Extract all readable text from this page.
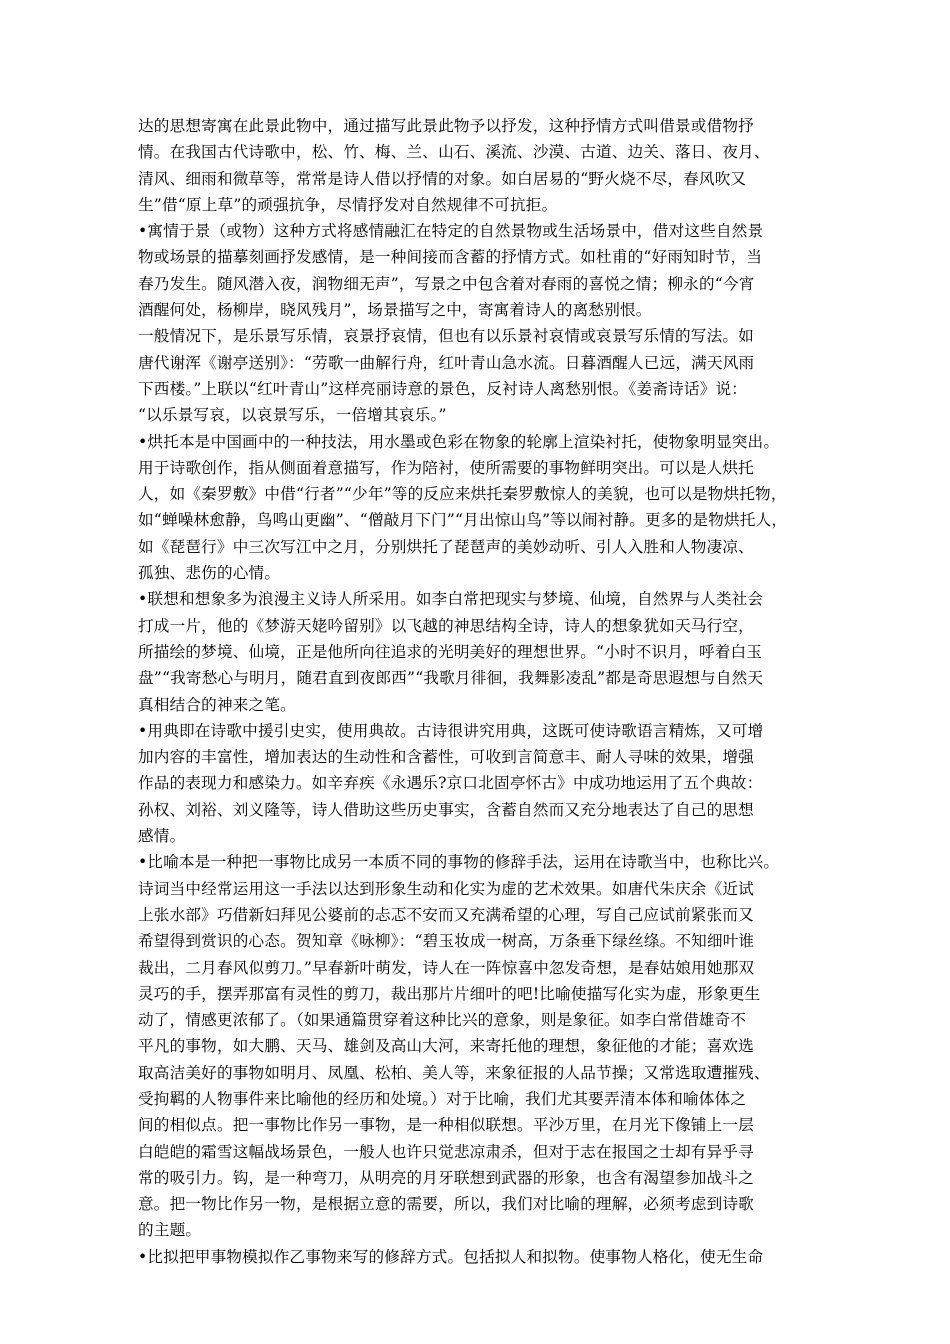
达的思想寄寓在此景此物中，通过描写此景此物予以抒发，这种抒情方式叫借景或借物抒
情。在我国古代诗歌中，松、竹、梅、兰、山石、溪流、沙漠、古道、边关、落日、夜月、
清风、细雨和微草等，常常是诗人借以抒情的对象。如白居易的“野火烧不尽，春风吹又
生”借“原上草”的顽强抗争，尽情抒发对自然规律不可抗拒。
•寓情于景（或物）这种方式将感情融汇在特定的自然景物或生活场景中，借对这些自然景
物或场景的描摹刻画抒发感情，是一种间接而含蓄的抒情方式。如杜甫的“好雨知时节，当
春乃发生。随风潜入夜，润物细无声”，写景之中包含着对春雨的喜悦之情；柳永的“今宵
酒醒何处，杨柳岸，晓风残月”，场景描写之中，寄寓着诗人的离愁别恨。
一般情况下，是乐景写乐情，哀景抒哀情，但也有以乐景衬哀情或哀景写乐情的写法。如
唐代谢浑《谢亭送别》：“劳歌一曲解行舟，红叶青山急水流。日暮酒醒人已远，满天风雨
下西楼。”上联以“红叶青山”这样亮丽诗意的景色，反衬诗人离愁别恨。《姜斋诗话》说：
“以乐景写哀，以哀景写乐，一倍增其哀乐。”
•烘托本是中国画中的一种技法，用水墨或色彩在物象的轮廓上渲染衬托，使物象明显突出。
用于诗歌创作，指从侧面着意描写，作为陪衬，使所需要的事物鲜明突出。可以是人烘托
人，如《秦罗敷》中借“行者”“少年”等的反应来烘托秦罗敷惊人的美貌，也可以是物烘托物，
如“蝉噪林愈静，鸟鸣山更幽”、“僧敲月下门”“月出惊山鸟”等以闹衬静。更多的是物烘托人，
如《琵琶行》中三次写江中之月，分别烘托了琵琶声的美妙动听、引人入胜和人物凄凉、
孤独、悲伤的心情。
•联想和想象多为浪漫主义诗人所采用。如李白常把现实与梦境、仙境，自然界与人类社会
打成一片，他的《梦游天姥吟留别》以飞越的神思结构全诗，诗人的想象犹如天马行空，
所描绘的梦境、仙境，正是他所向往追求的光明美好的理想世界。“小时不识月，呼着白玉
盘”“我寄愁心与明月，随君直到夜郎西”“我歌月徘徊，我舞影凌乱”都是奇思遐想与自然天
真相结合的神来之笔。
•用典即在诗歌中援引史实，使用典故。古诗很讲究用典，这既可使诗歌语言精炼，又可增
加内容的丰富性，增加表达的生动性和含蓄性，可收到言简意丰、耐人寻味的效果，增强
作品的表现力和感染力。如辛弃疾《永遇乐?京口北固亭怀古》中成功地运用了五个典故：
孙权、刘裕、刘义隆等，诗人借助这些历史事实，含蓄自然而又充分地表达了自己的思想
感情。
•比喻本是一种把一事物比成另一本质不同的事物的修辞手法，运用在诗歌当中，也称比兴。
诗词当中经常运用这一手法以达到形象生动和化实为虚的艺术效果。如唐代朱庆余《近试
上张水部》巧借新妇拜见公婆前的忐忑不安而又充满希望的心理，写自己应试前紧张而又
希望得到赏识的心态。贺知章《咏柳》：“碧玉妆成一树高，万条垂下绿丝绦。不知细叶谁
裁出，二月春风似剪刀。”早春新叶萌发，诗人在一阵惊喜中忽发奇想，是春姑娘用她那双
灵巧的手，摆弄那富有灵性的剪刀，裁出那片片细叶的吧!比喻使描写化实为虚，形象更生
动了，情感更浓郁了。（如果通篇贯穿着这种比兴的意象，则是象征。如李白常借雄奇不
平凡的事物，如大鹏、天马、雄剑及高山大河，来寄托他的理想，象征他的才能；喜欢选
取高洁美好的事物如明月、凤凰、松柏、美人等，来象征报的人品节操；又常选取遭摧残、
受拘羁的人物事件来比喻他的经历和处境。）对于比喻，我们尤其要弄清本体和喻体体之
间的相似点。把一事物比作另一事物，是一种相似联想。平沙万里，在月光下像铺上一层
白皑皑的霜雪这幅战场景色，一般人也许只觉悲凉肃杀，但对于志在报国之士却有异乎寻
常的吸引力。钩，是一种弯刀，从明亮的月牙联想到武器的形象，也含有渴望参加战斗之
意。把一物比作另一物，是根据立意的需要，所以，我们对比喻的理解，必须考虑到诗歌
的主题。
•比拟把甲事物模拟作乙事物来写的修辞方式。包括拟人和拟物。使事物人格化，使无生命
